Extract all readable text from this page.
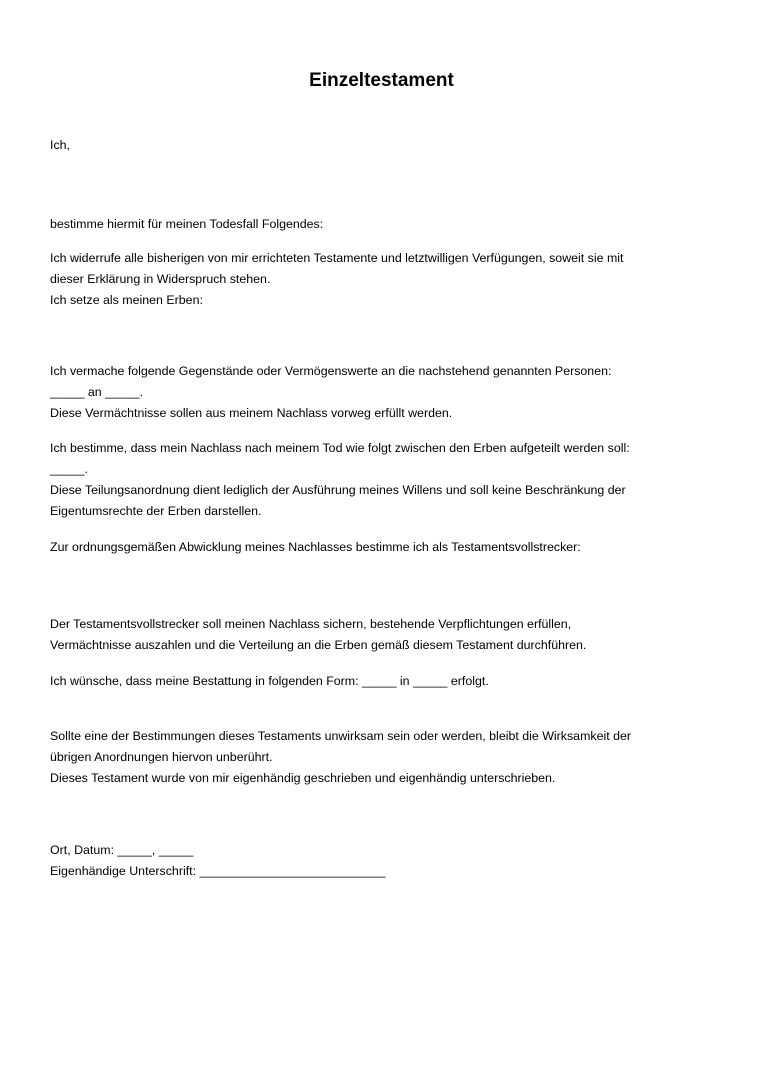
Einzeltestament
Ich,
bestimme hiermit für meinen Todesfall Folgendes:
Ich widerrufe alle bisherigen von mir errichteten Testamente und letztwilligen Verfügungen, soweit sie mit
dieser Erklärung in Widerspruch stehen.
Ich setze als meinen Erben:
Ich vermache folgende Gegenstände oder Vermögenswerte an die nachstehend genannten Personen:
_____ an _____.
Diese Vermächtnisse sollen aus meinem Nachlass vorweg erfüllt werden.
Ich bestimme, dass mein Nachlass nach meinem Tod wie folgt zwischen den Erben aufgeteilt werden soll:
_____.
Diese Teilungsanordnung dient lediglich der Ausführung meines Willens und soll keine Beschränkung der
Eigentumsrechte der Erben darstellen.
Zur ordnungsgemäßen Abwicklung meines Nachlasses bestimme ich als Testamentsvollstrecker:
Der Testamentsvollstrecker soll meinen Nachlass sichern, bestehende Verpflichtungen erfüllen,
Vermächtnisse auszahlen und die Verteilung an die Erben gemäß diesem Testament durchführen.
Ich wünsche, dass meine Bestattung in folgenden Form: _____ in _____ erfolgt.
Sollte eine der Bestimmungen dieses Testaments unwirksam sein oder werden, bleibt die Wirksamkeit der
übrigen Anordnungen hiervon unberührt.
Dieses Testament wurde von mir eigenhändig geschrieben und eigenhändig unterschrieben.
Ort, Datum: _____, _____
Eigenhändige Unterschrift: ___________________________
